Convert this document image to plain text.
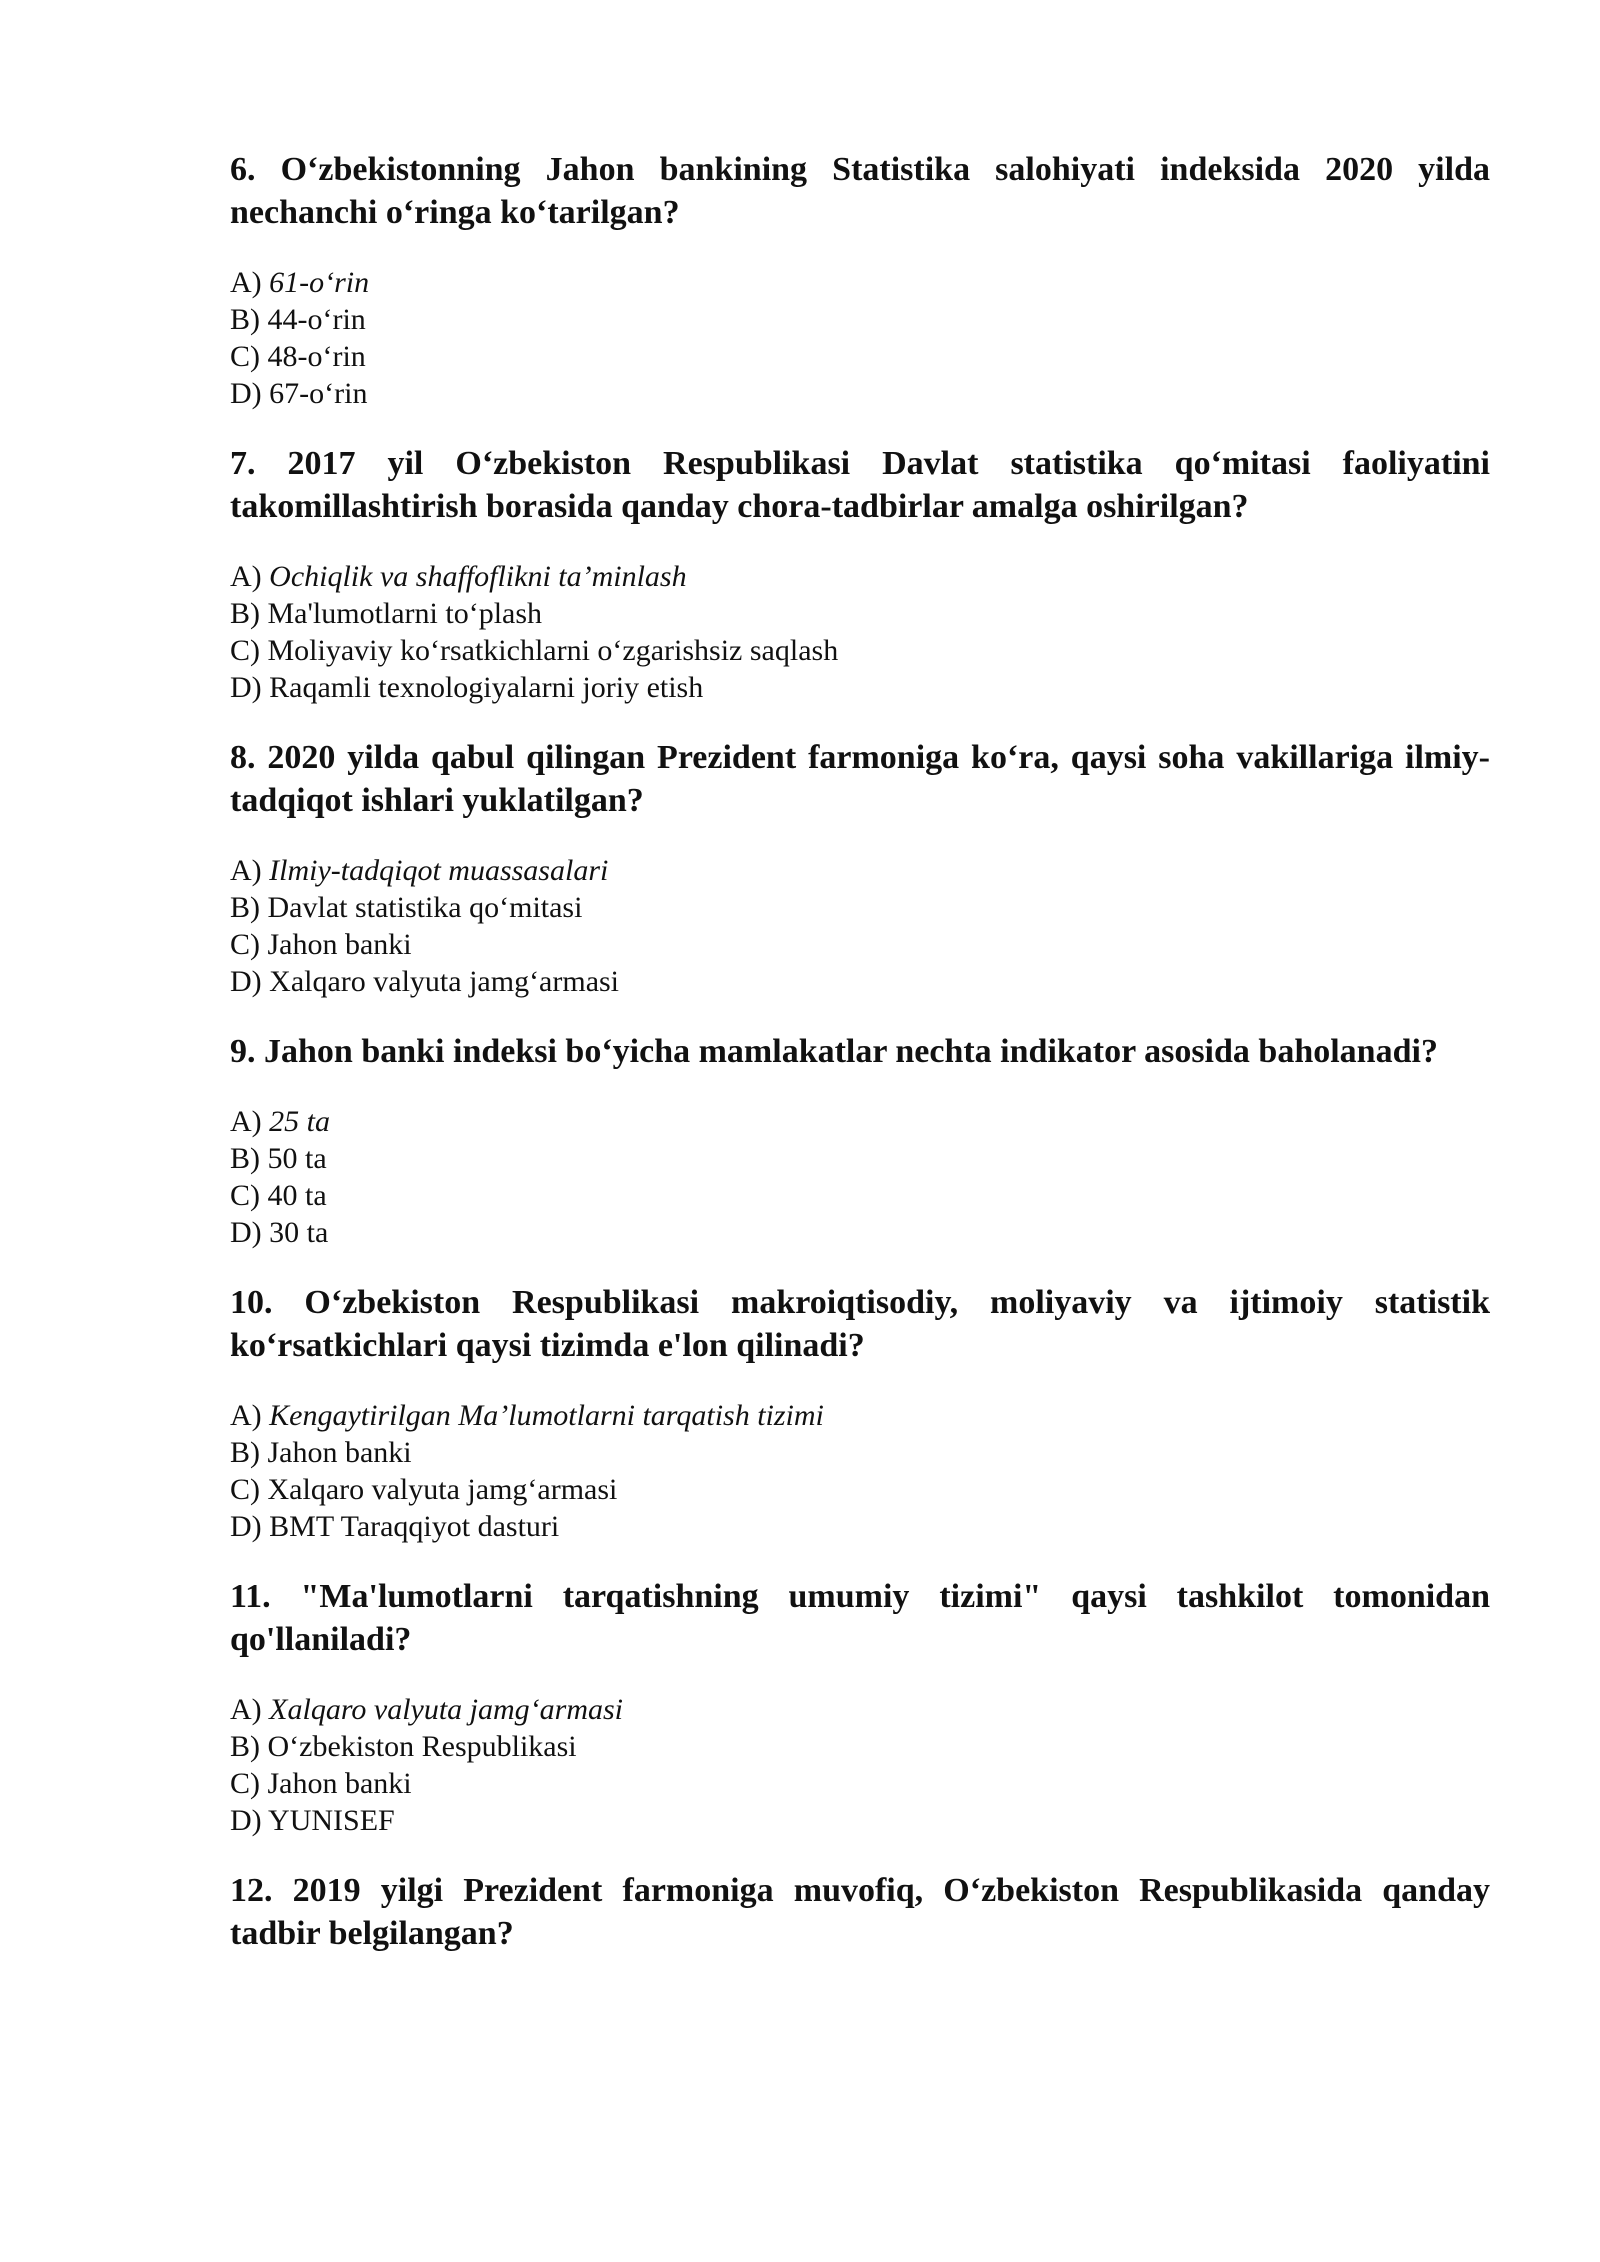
6. O‘zbekistonning Jahon bankining Statistika salohiyati indeksida 2020 yilda nechanchi o‘ringa ko‘tarilgan?

A) 61-o‘rin
B) 44-o‘rin
C) 48-o‘rin
D) 67-o‘rin

7. 2017 yil O‘zbekiston Respublikasi Davlat statistika qo‘mitasi faoliyatini takomillashtirish borasida qanday chora-tadbirlar amalga oshirilgan?

A) Ochiqlik va shaffoflikni ta’minlash
B) Ma'lumotlarni to‘plash
C) Moliyaviy ko‘rsatkichlarni o‘zgarishsiz saqlash
D) Raqamli texnologiyalarni joriy etish

8. 2020 yilda qabul qilingan Prezident farmoniga ko‘ra, qaysi soha vakillariga ilmiy-tadqiqot ishlari yuklatilgan?

A) Ilmiy-tadqiqot muassasalari
B) Davlat statistika qo‘mitasi
C) Jahon banki
D) Xalqaro valyuta jamg‘armasi

9. Jahon banki indeksi bo‘yicha mamlakatlar nechta indikator asosida baholanadi?

A) 25 ta
B) 50 ta
C) 40 ta
D) 30 ta

10. O‘zbekiston Respublikasi makroiqtisodiy, moliyaviy va ijtimoiy statistik ko‘rsatkichlari qaysi tizimda e'lon qilinadi?

A) Kengaytirilgan Ma’lumotlarni tarqatish tizimi
B) Jahon banki
C) Xalqaro valyuta jamg‘armasi
D) BMT Taraqqiyot dasturi

11. "Ma'lumotlarni tarqatishning umumiy tizimi" qaysi tashkilot tomonidan qo'llaniladi?

A) Xalqaro valyuta jamg‘armasi
B) O‘zbekiston Respublikasi
C) Jahon banki
D) YUNISEF

12. 2019 yilgi Prezident farmoniga muvofiq, O‘zbekiston Respublikasida qanday tadbir belgilangan?
